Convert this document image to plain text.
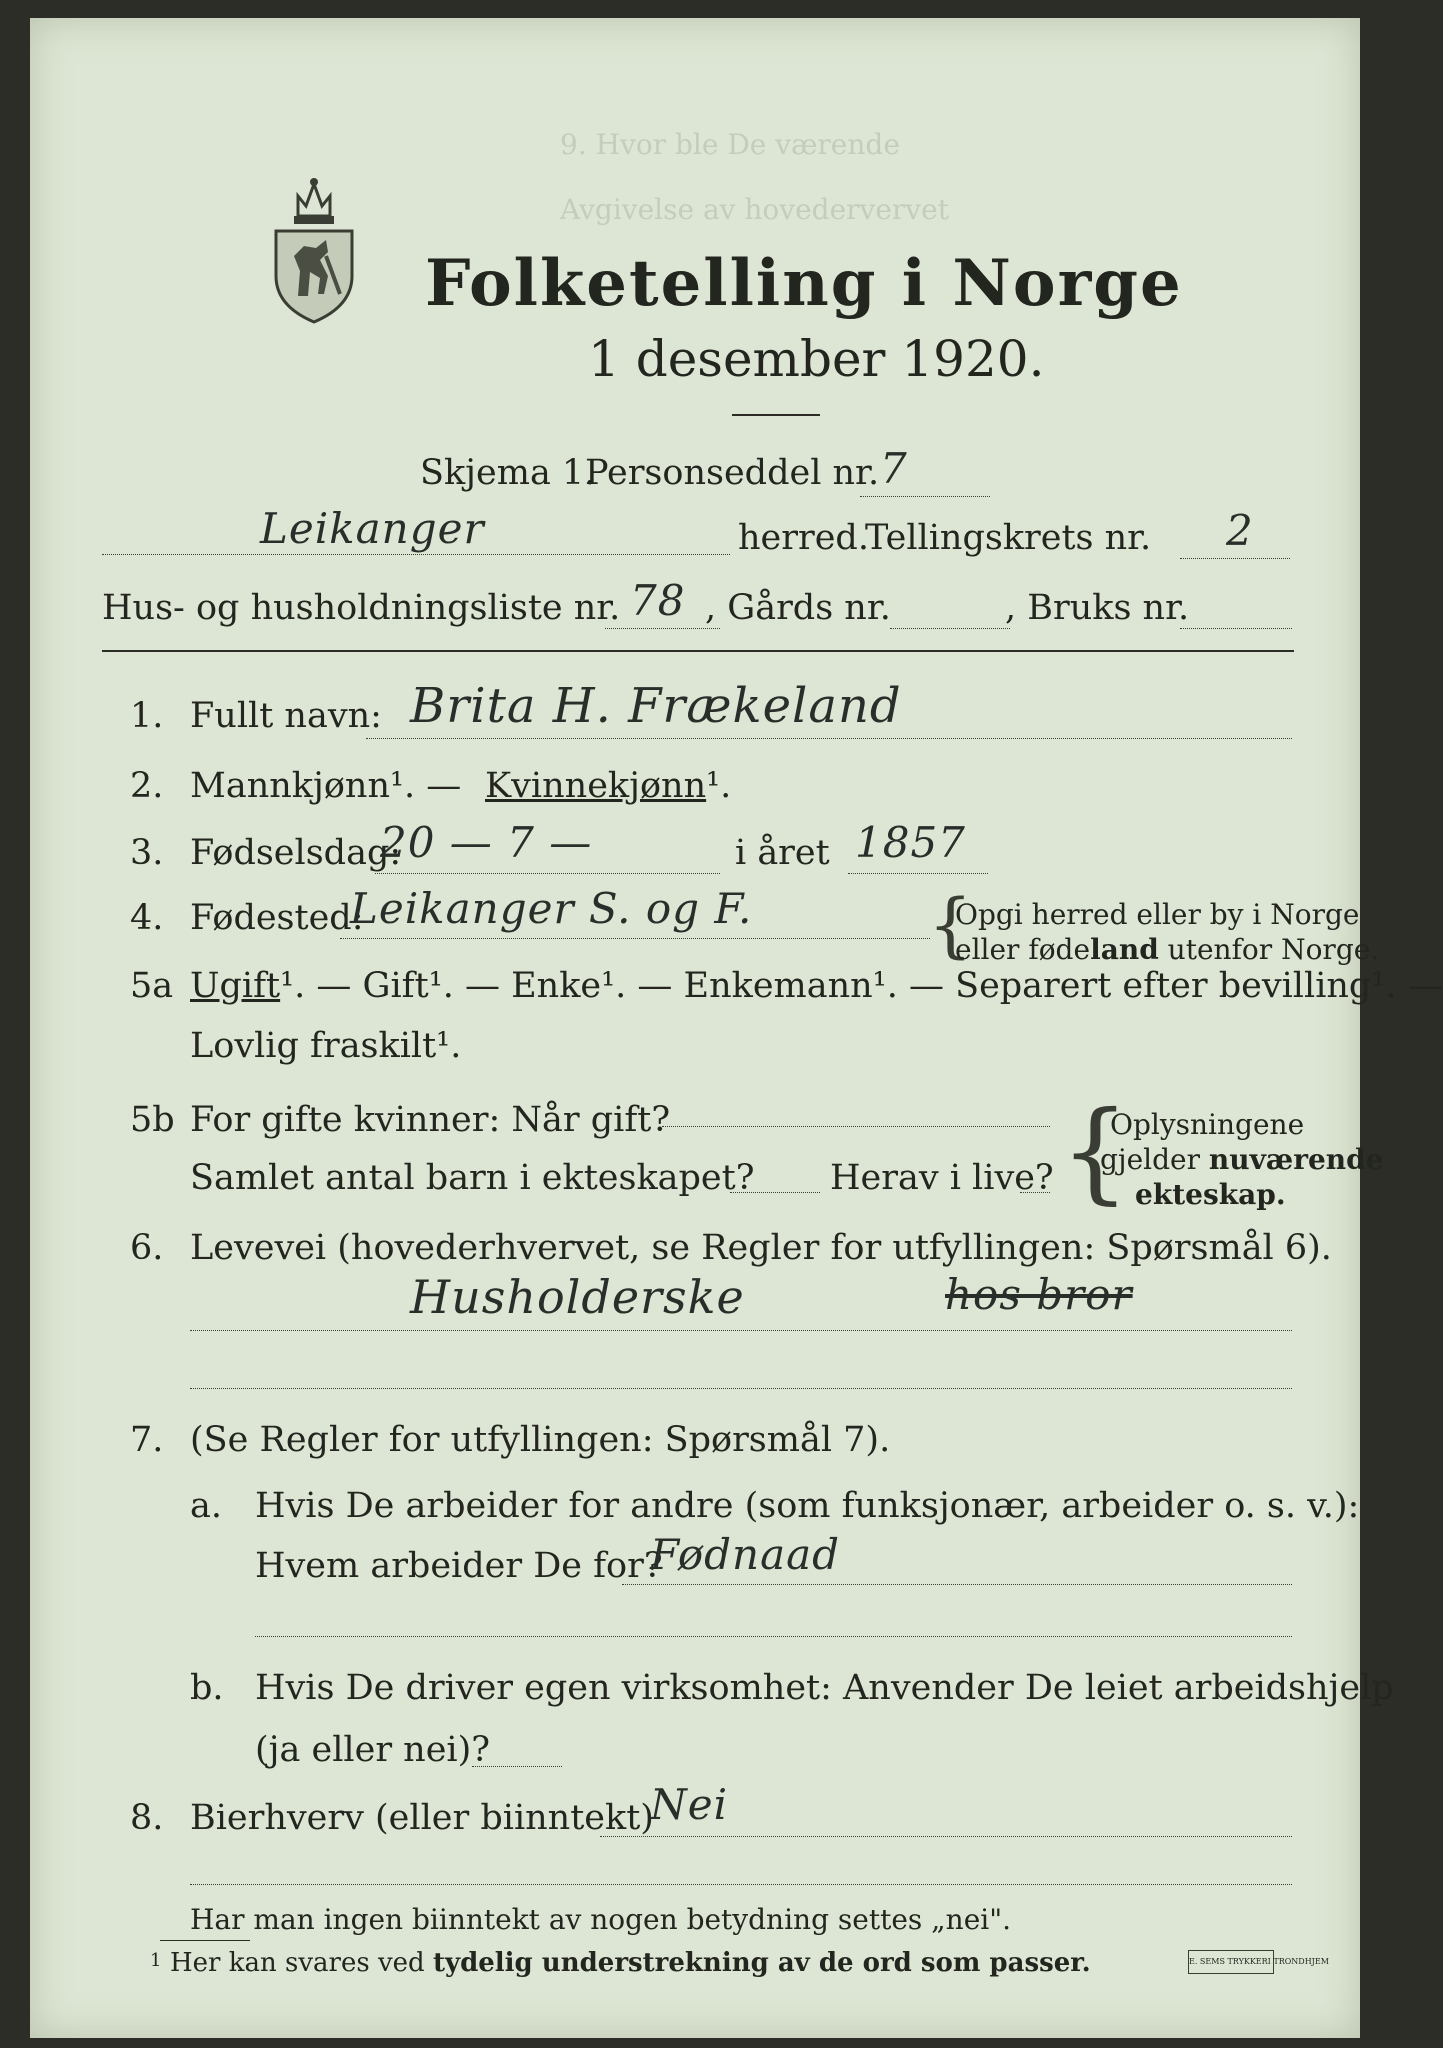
9. Hvor ble De værende
Avgivelse av hovedervervet
Folketelling i Norge
1 desember 1920.
Skjema 1.
Personseddel nr. 7
Leikanger	herred.
Tellingskrets nr. 2
Hus- og husholdningsliste nr. 78 , Gårds nr.	, Bruks nr.
1. Fullt navn: Brita H. Frækeland
2. Mannkjønn¹. — Kvinnekjønn¹.
3. Fødselsdag:
20 — 7 —	i året 1857
4. Fødested:
Leikanger S. og F.	{
Opgi herred eller by i Norge
eller fødeland utenfor Norge.
5a Ugift¹. — Gift¹. — Enke¹. — Enkemann¹. — Separert efter bevilling¹. —
Lovlig fraskilt¹.
5b For gifte kvinner: Når gift?
Samlet antal barn i ekteskapet? Herav i live? {
Oplysningene
gjelder nuværende
ekteskap.
6. Levevei (hovederhvervet, se Regler for utfyllingen: Spørsmål 6).
Husholderske	hos bror
7. (Se Regler for utfyllingen: Spørsmål 7).
a. Hvis De arbeider for andre (som funksjonær, arbeider o. s. v.):
Hvem arbeider De for?
Fødnaad
b. Hvis De driver egen virksomhet: Anvender De leiet arbeidshjelp
(ja eller nei)?
8. Bierhverv (eller biinntekt)
Nei
Har man ingen biinntekt av nogen betydning settes „nei".
1 Her kan svares ved tydelig understrekning av de ord som passer.	E. SEMS TRYKKERI TRONDHJEM
